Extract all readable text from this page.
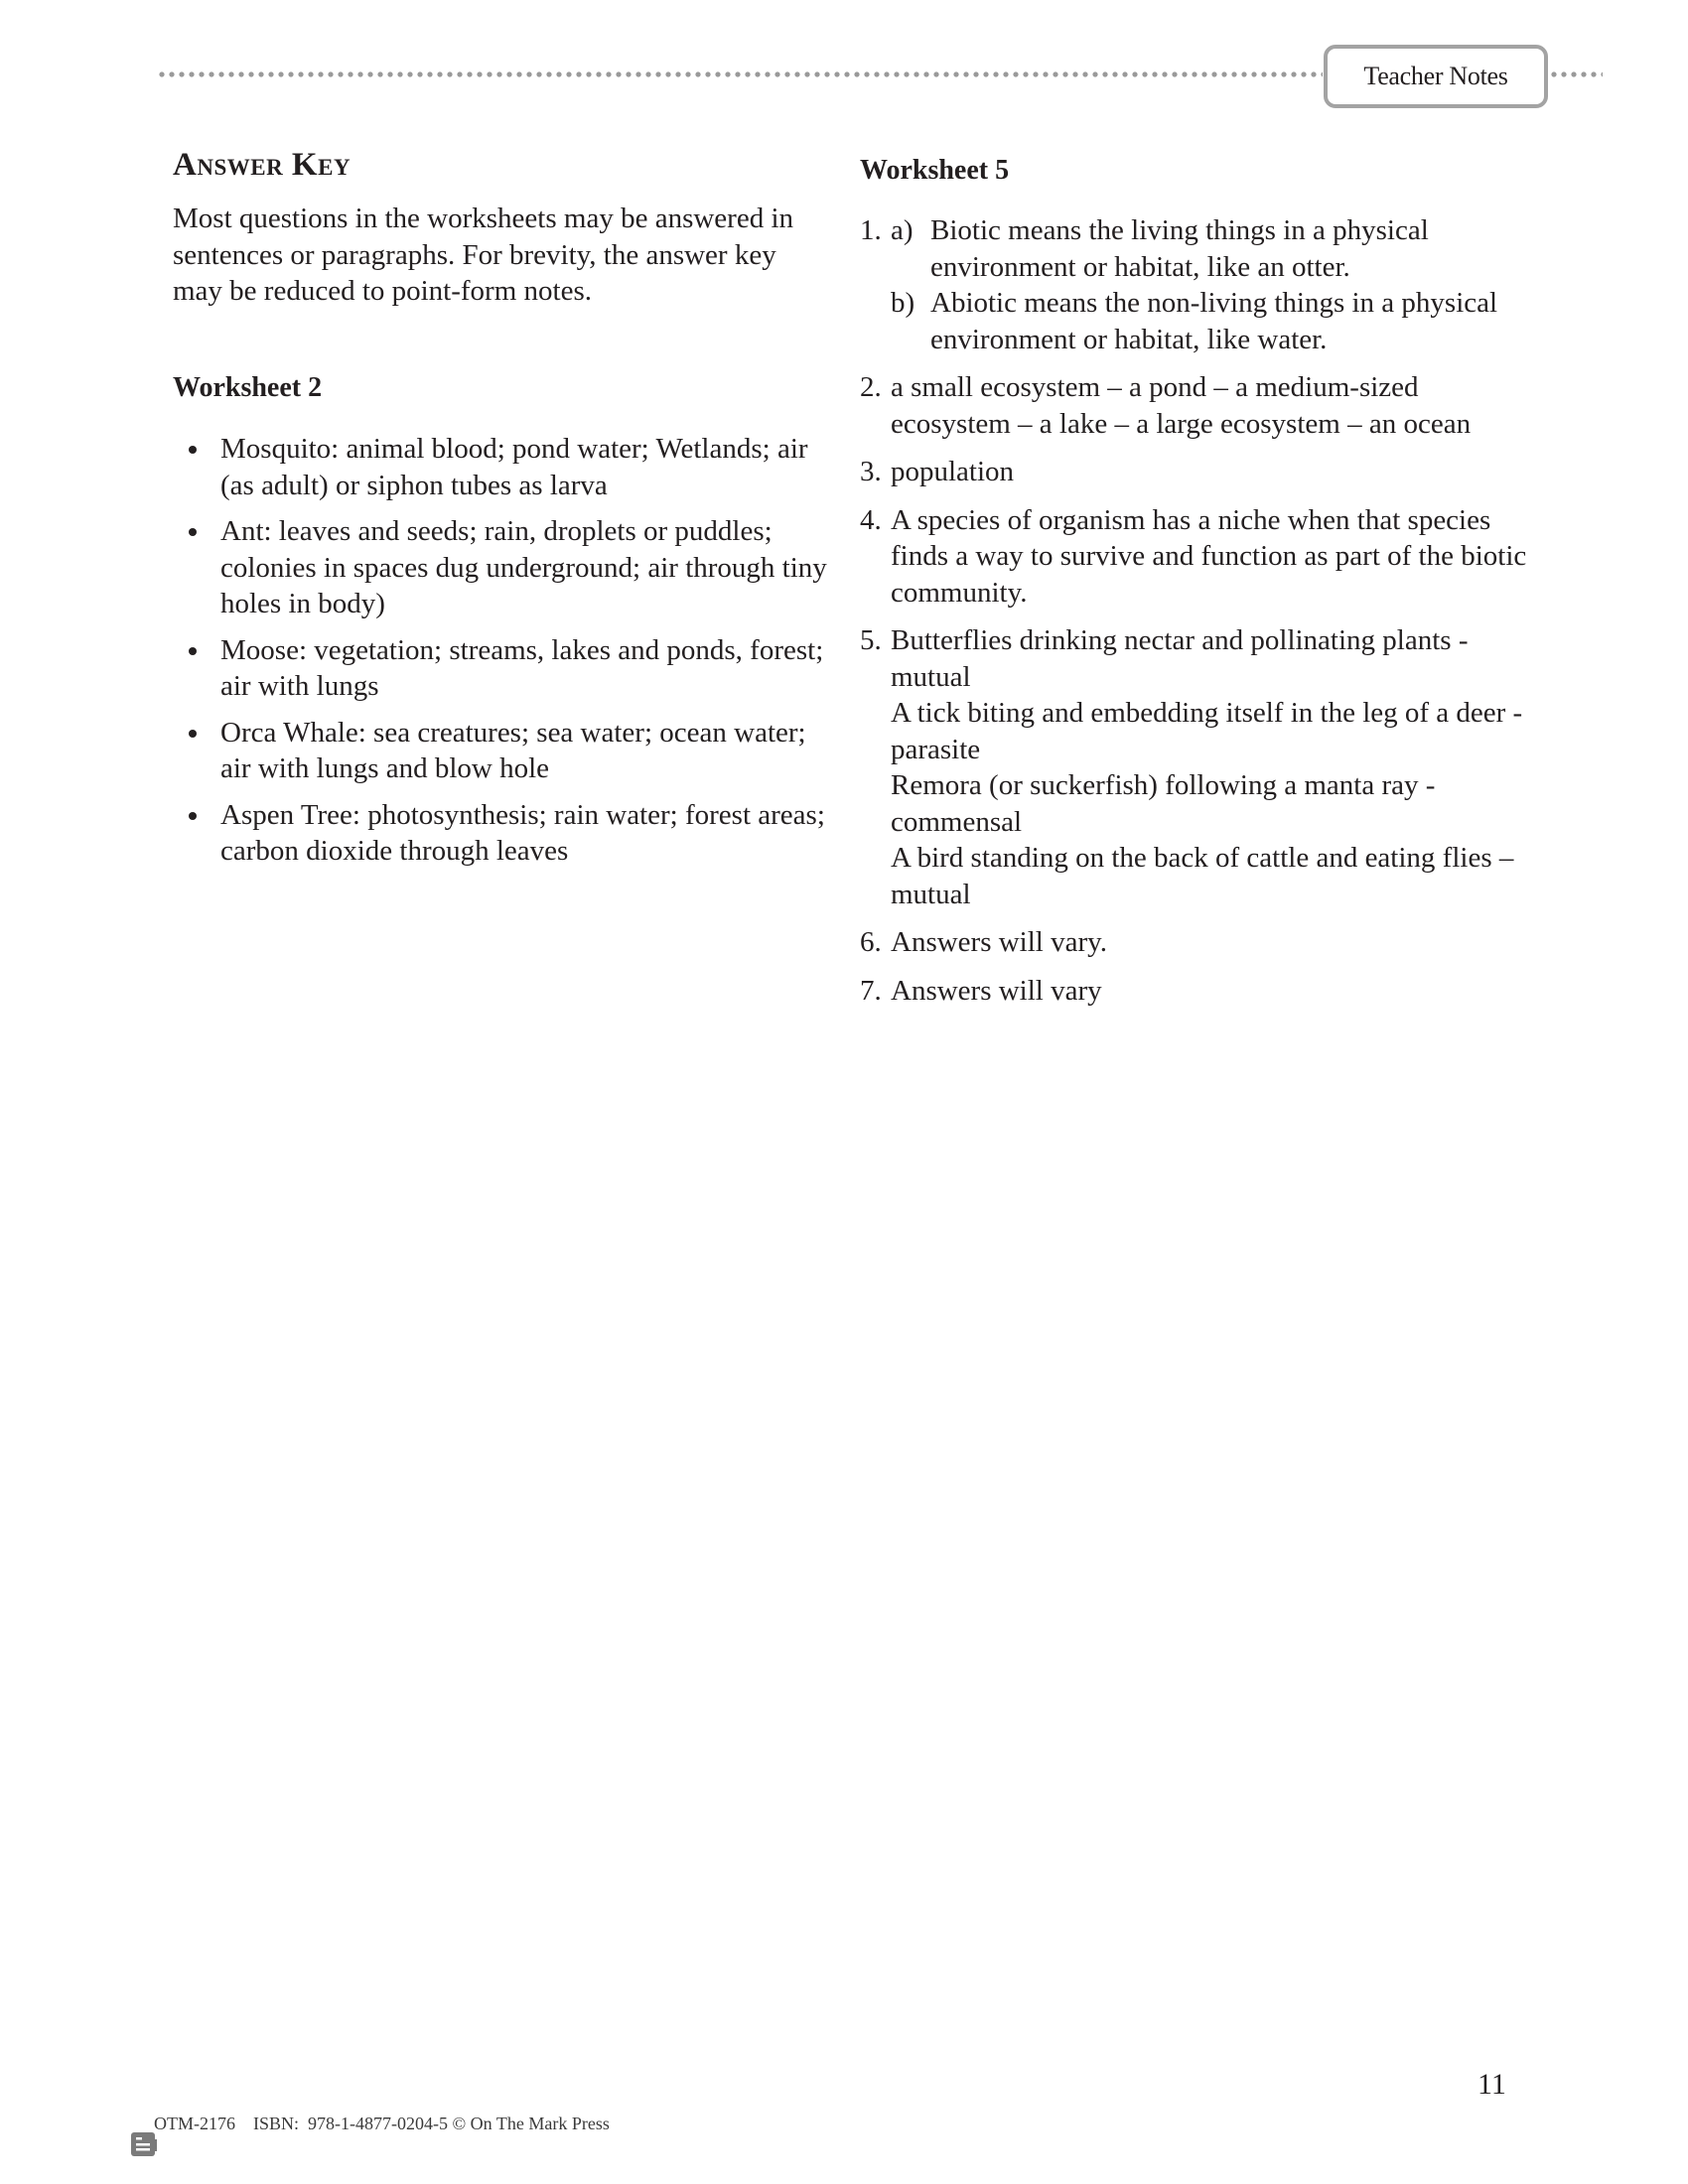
Teacher Notes
Answer Key

Most questions in the worksheets may be answered in sentences or paragraphs. For brevity, the answer key may be reduced to point-form notes.

Worksheet 2
Mosquito: animal blood; pond water; Wetlands; air (as adult) or siphon tubes as larva
Ant: leaves and seeds; rain, droplets or puddles; colonies in spaces dug underground; air through tiny holes in body)
Moose: vegetation; streams, lakes and ponds, forest; air with lungs
Orca Whale: sea creatures; sea water; ocean water; air with lungs and blow hole
Aspen Tree: photosynthesis; rain water; forest areas; carbon dioxide through leaves
Worksheet 5
1. a) Biotic means the living things in a physical environment or habitat, like an otter.
b) Abiotic means the non-living things in a physical environment or habitat, like water.
2. a small ecosystem – a pond – a medium-sized ecosystem – a lake – a large ecosystem – an ocean
3. population
4. A species of organism has a niche when that species finds a way to survive and function as part of the biotic community.
5. Butterflies drinking nectar and pollinating plants - mutual
A tick biting and embedding itself in the leg of a deer - parasite
Remora (or suckerfish) following a manta ray - commensal
A bird standing on the back of cattle and eating flies – mutual
6. Answers will vary.
7. Answers will vary
11

OTM-2176
ISBN:  978-1-4877-0204-5
© On The Mark Press
